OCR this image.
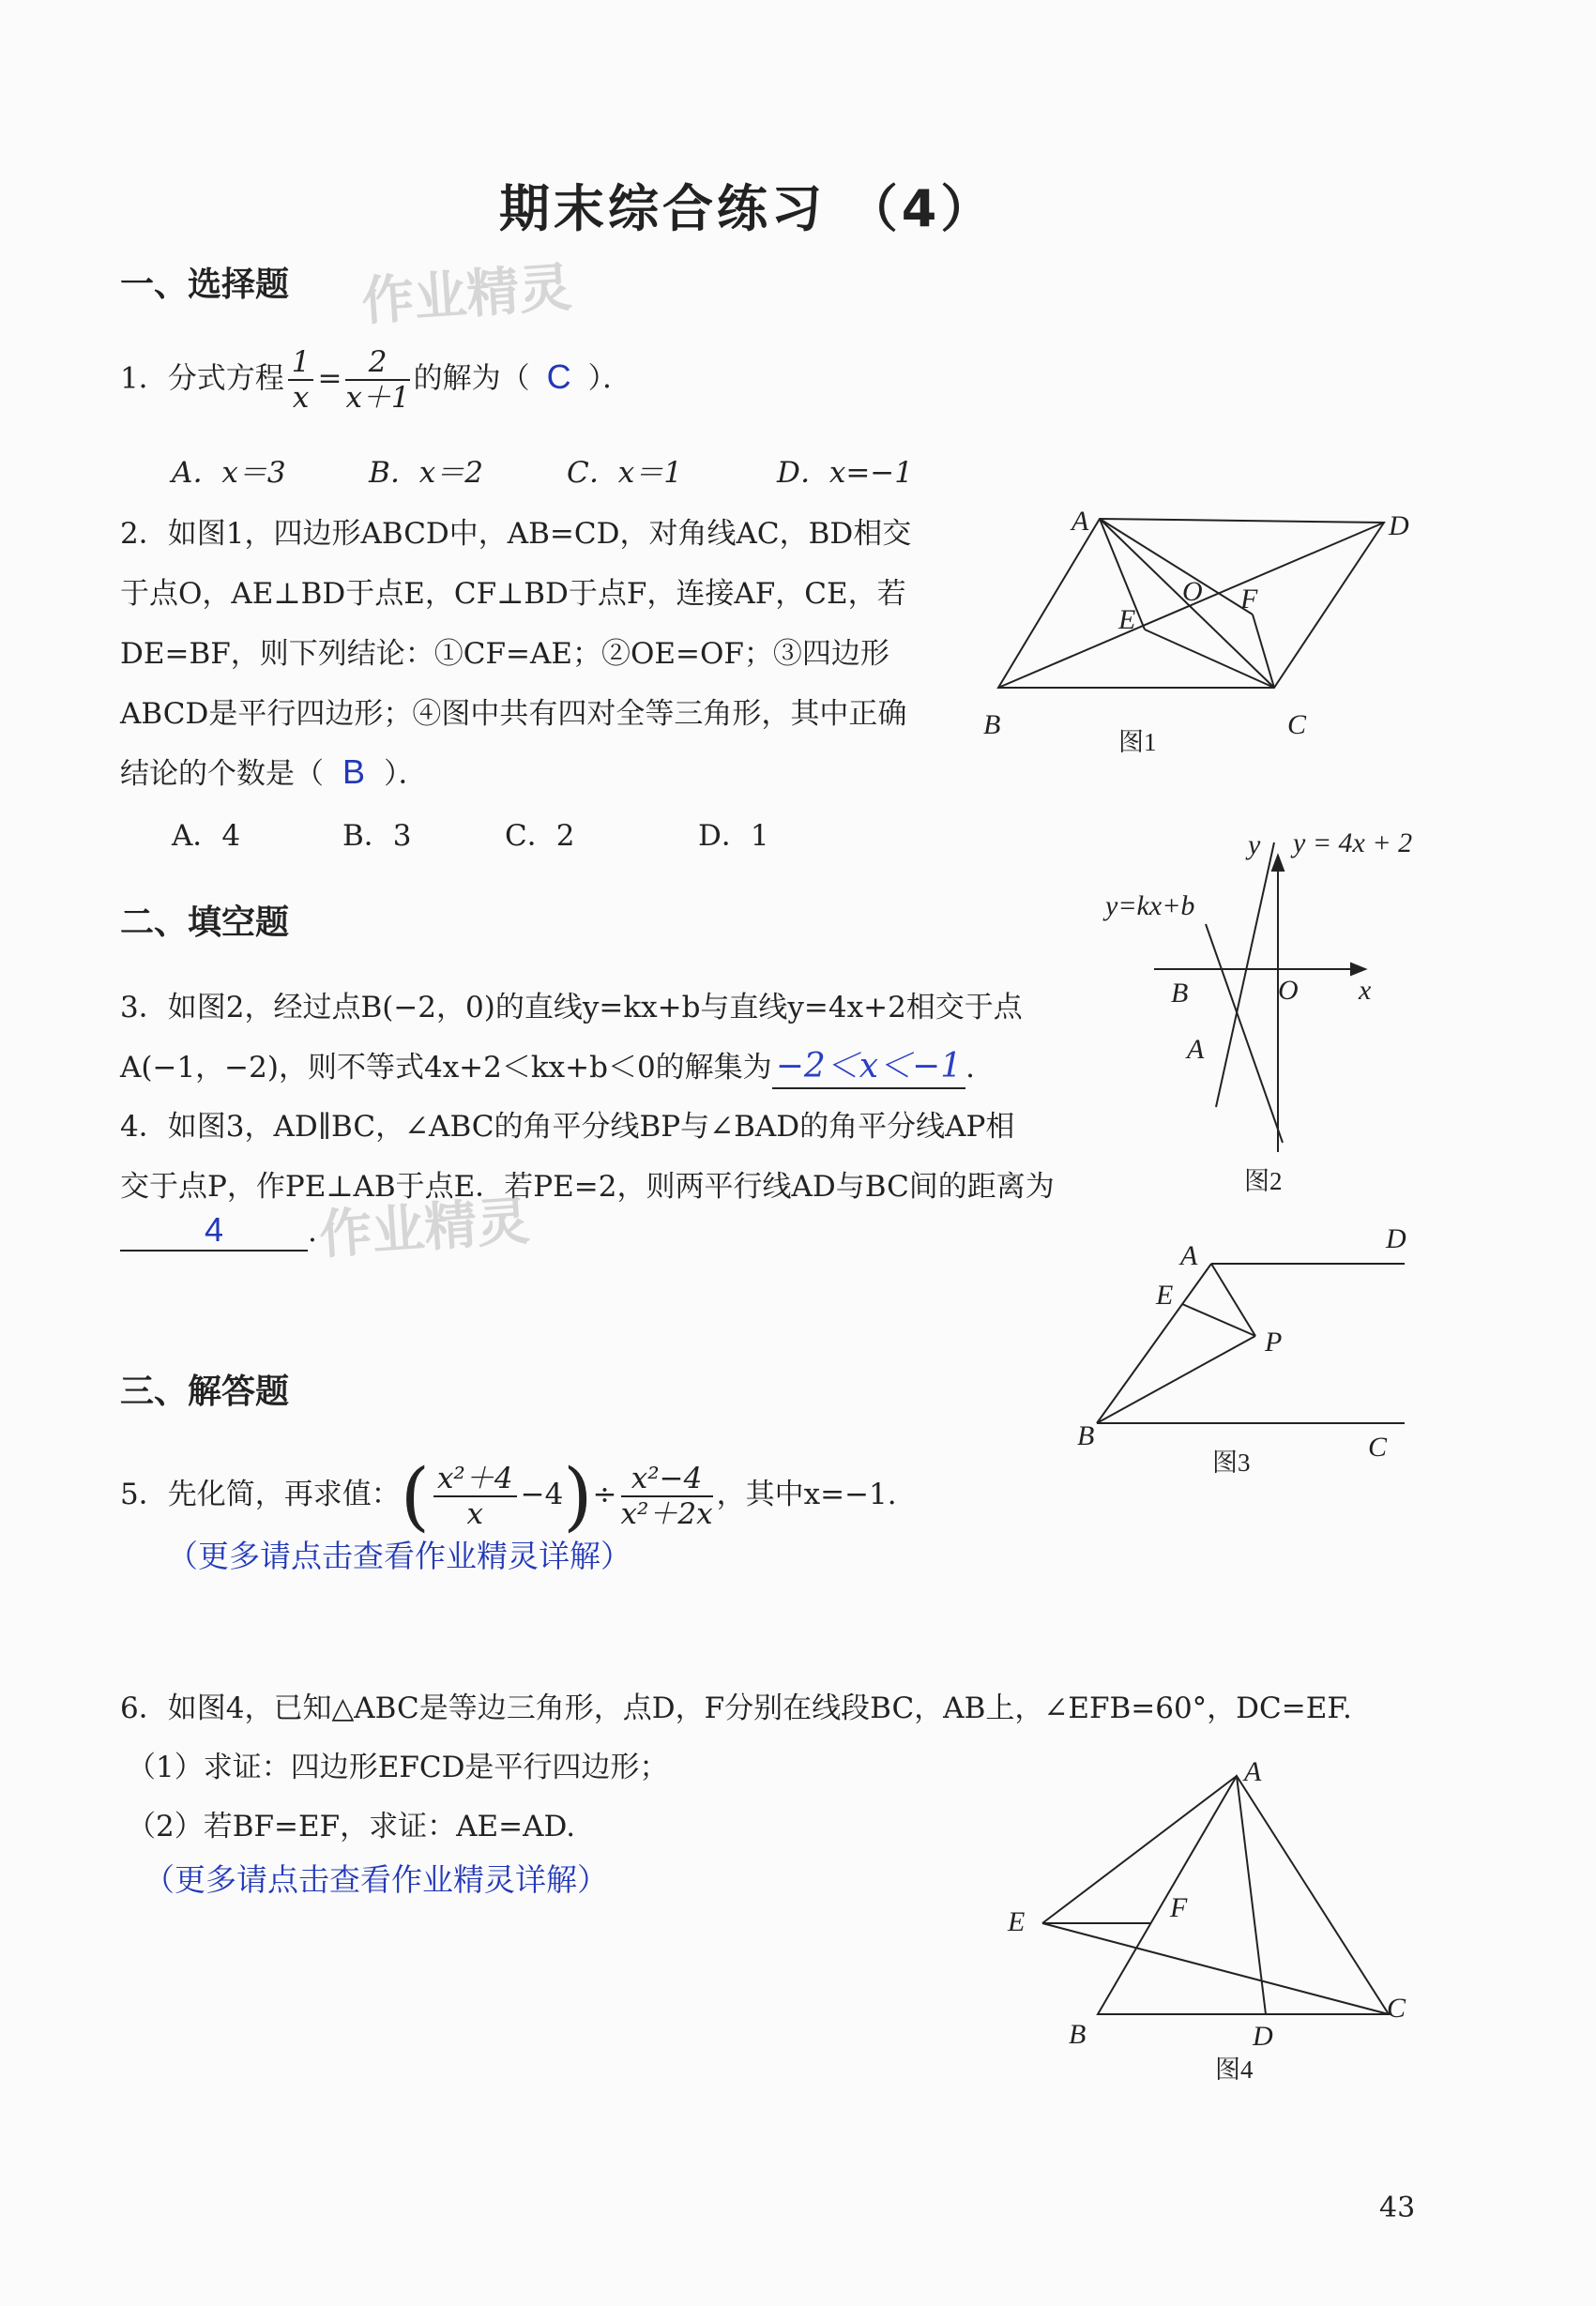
期末综合练习 （4）
一、选择题 作业精灵
1．分式方程 $\frac{1}{x} = \frac{2}{x+1}$ 的解为（ C ）．
A．x＝3	B．x＝2	C．x＝1	D．x=−1
2．如图1，四边形ABCD中，AB=CD，对角线AC，BD相交
于点O，AE⊥BD于点E，CF⊥BD于点F，连接AF，CE，若
DE=BF，则下列结论：①CF=AE；②OE=OF；③四边形
ABCD是平行四边形；④图中共有四对全等三角形，其中正确
结论的个数是（ B ）．
A．4	B．3	C．2	D．1
二、填空题
3．如图2，经过点B(−2，0)的直线y=kx+b与直线y=4x+2相交于点
A(−1，−2)，则不等式4x+2＜kx+b＜0的解集为 −2＜x＜−1 .
4．如图3，AD∥BC，∠ABC的角平分线BP与∠BAD的角平分线AP相
交于点P，作PE⊥AB于点E．若PE=2，则两平行线AD与BC间的距离为
4	. 作业精灵
三、解答题
5．先化简，再求值：( $\frac{\text{x²＋4}}{x} -4)\div \frac{\text{x²−4}}{\text{x²＋2x}}$ ，其中x=−1.
（更多请点击查看作业精灵详解）
6．如图4，已知△ABC是等边三角形，点D，F分别在线段BC，AB上，∠EFB=60°，DC=EF.
（1）求证：四边形EFCD是平行四边形；
（2）若BF=EF，求证：AE=AD.
（更多请点击查看作业精灵详解）
A	D
B	C
O
E
F
图1
y y = 4x + 2
y=kx+b
B	O x
A
图2
A
D
E
P
B	C
图3
A
E	F
B	D
C
图4
43
